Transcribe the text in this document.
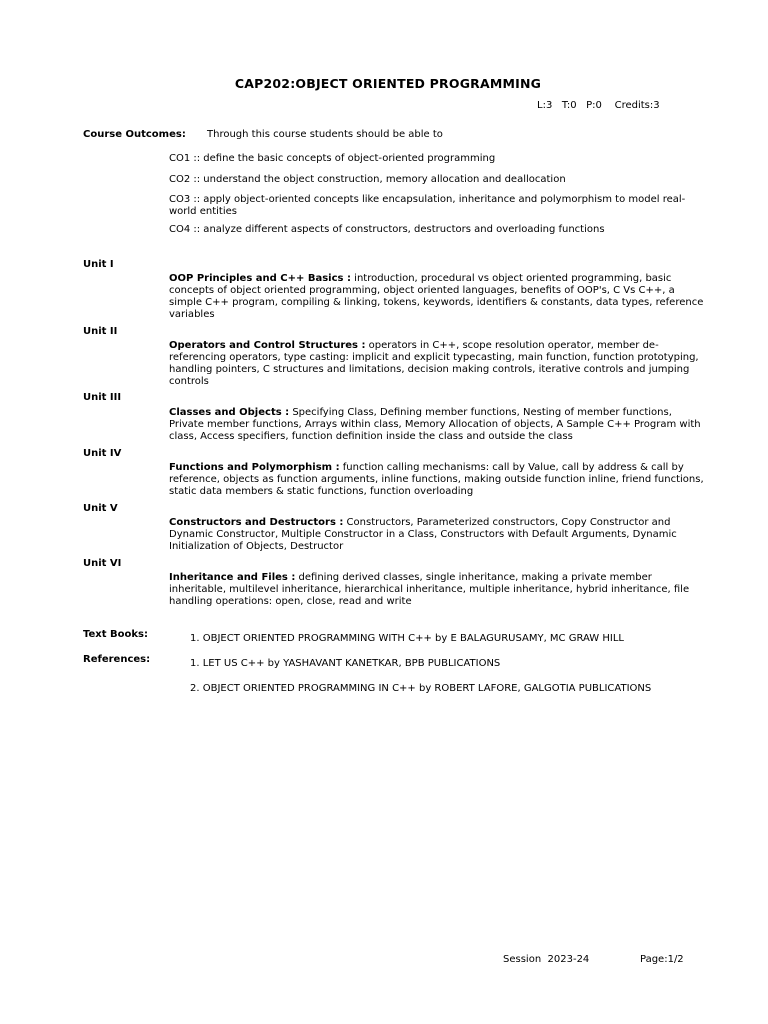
CAP202:OBJECT ORIENTED PROGRAMMING
L:3   T:0   P:0    Credits:3
Course Outcomes: Through this course students should be able to
CO1 :: define the basic concepts of object-oriented programming
CO2 :: understand the object construction, memory allocation and deallocation
CO3 :: apply object-oriented concepts like encapsulation, inheritance and polymorphism to model real-world entities
CO4 :: analyze different aspects of constructors, destructors and overloading functions
Unit I
OOP Principles and C++ Basics : introduction, procedural vs object oriented programming, basic concepts of object oriented programming, object oriented languages, benefits of OOP's, C Vs C++, a simple C++ program, compiling & linking, tokens, keywords, identifiers & constants, data types, reference variables
Unit II
Operators and Control Structures : operators in C++, scope resolution operator, member de-referencing operators, type casting: implicit and explicit typecasting, main function, function prototyping, handling pointers, C structures and limitations, decision making controls, iterative controls and jumping controls
Unit III
Classes and Objects : Specifying Class, Defining member functions, Nesting of member functions, Private member functions, Arrays within class, Memory Allocation of objects, A Sample C++ Program with class, Access specifiers, function definition inside the class and outside the class
Unit IV
Functions and Polymorphism : function calling mechanisms: call by Value, call by address & call by reference, objects as function arguments, inline functions, making outside function inline, friend functions, static data members & static functions, function overloading
Unit V
Constructors and Destructors : Constructors, Parameterized constructors, Copy Constructor and Dynamic Constructor, Multiple Constructor in a Class, Constructors with Default Arguments, Dynamic Initialization of Objects, Destructor
Unit VI
Inheritance and Files : defining derived classes, single inheritance, making a private member inheritable, multilevel inheritance, hierarchical inheritance, multiple inheritance, hybrid inheritance, file handling operations: open, close, read and write
Text Books:	1. OBJECT ORIENTED PROGRAMMING WITH C++ by E BALAGURUSAMY, MC GRAW HILL
References:	1. LET US C++ by YASHAVANT KANETKAR, BPB PUBLICATIONS
2. OBJECT ORIENTED PROGRAMMING IN C++ by ROBERT LAFORE, GALGOTIA PUBLICATIONS
Session  2023-24	Page:1/2
